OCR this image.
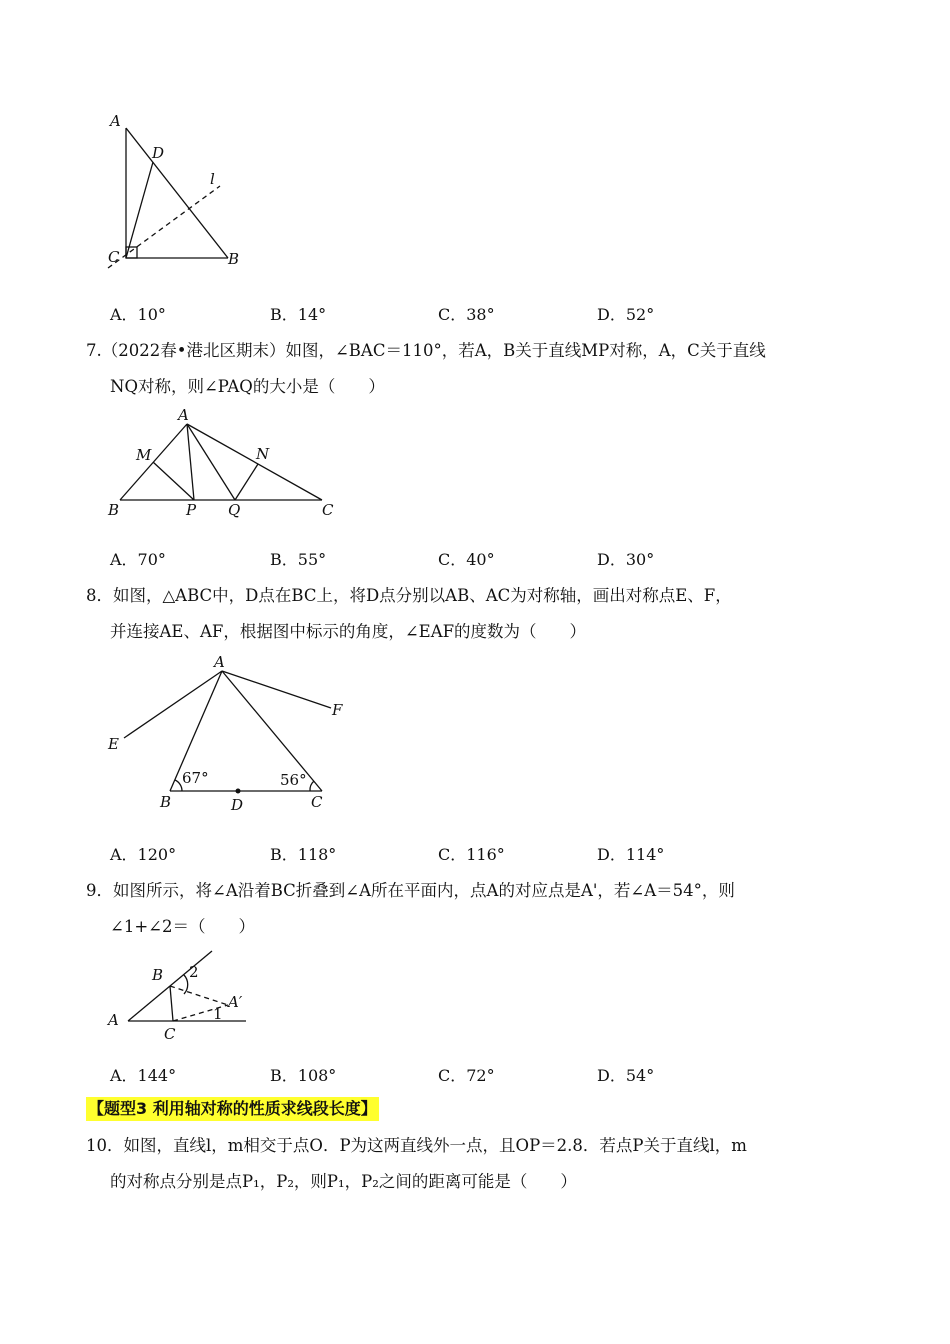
A
D
l
C	B
A．10°	B．14°	C．38°	D．52°
7.（2022春•港北区期末）如图，∠BAC＝110°，若A，B关于直线MP对称，A，C关于直线
NQ对称，则∠PAQ的大小是（　　）
A
M	N
B	P Q	C
A．70°	B．55°	C．40°	D．30°
8．如图，△ABC中，D点在BC上，将D点分别以AB、AC为对称轴，画出对称点E、F，
并连接AE、AF，根据图中标示的角度，∠EAF的度数为（　　）
A
E
F
67°	56°
B	D	C
A．120°	B．118°	C．116°	D．114°
9．如图所示，将∠A沿着BC折叠到∠A所在平面内，点A的对应点是A'，若∠A＝54°，则
∠1+∠2＝（　　）
B 2
A′
1
A
C
A．144°	B．108°	C．72°	D．54°
【题型3 利用轴对称的性质求线段长度】
10．如图，直线l，m相交于点O．P为这两直线外一点，且OP＝2.8．若点P关于直线l，m
的对称点分别是点P₁，P₂，则P₁，P₂之间的距离可能是（　　）
